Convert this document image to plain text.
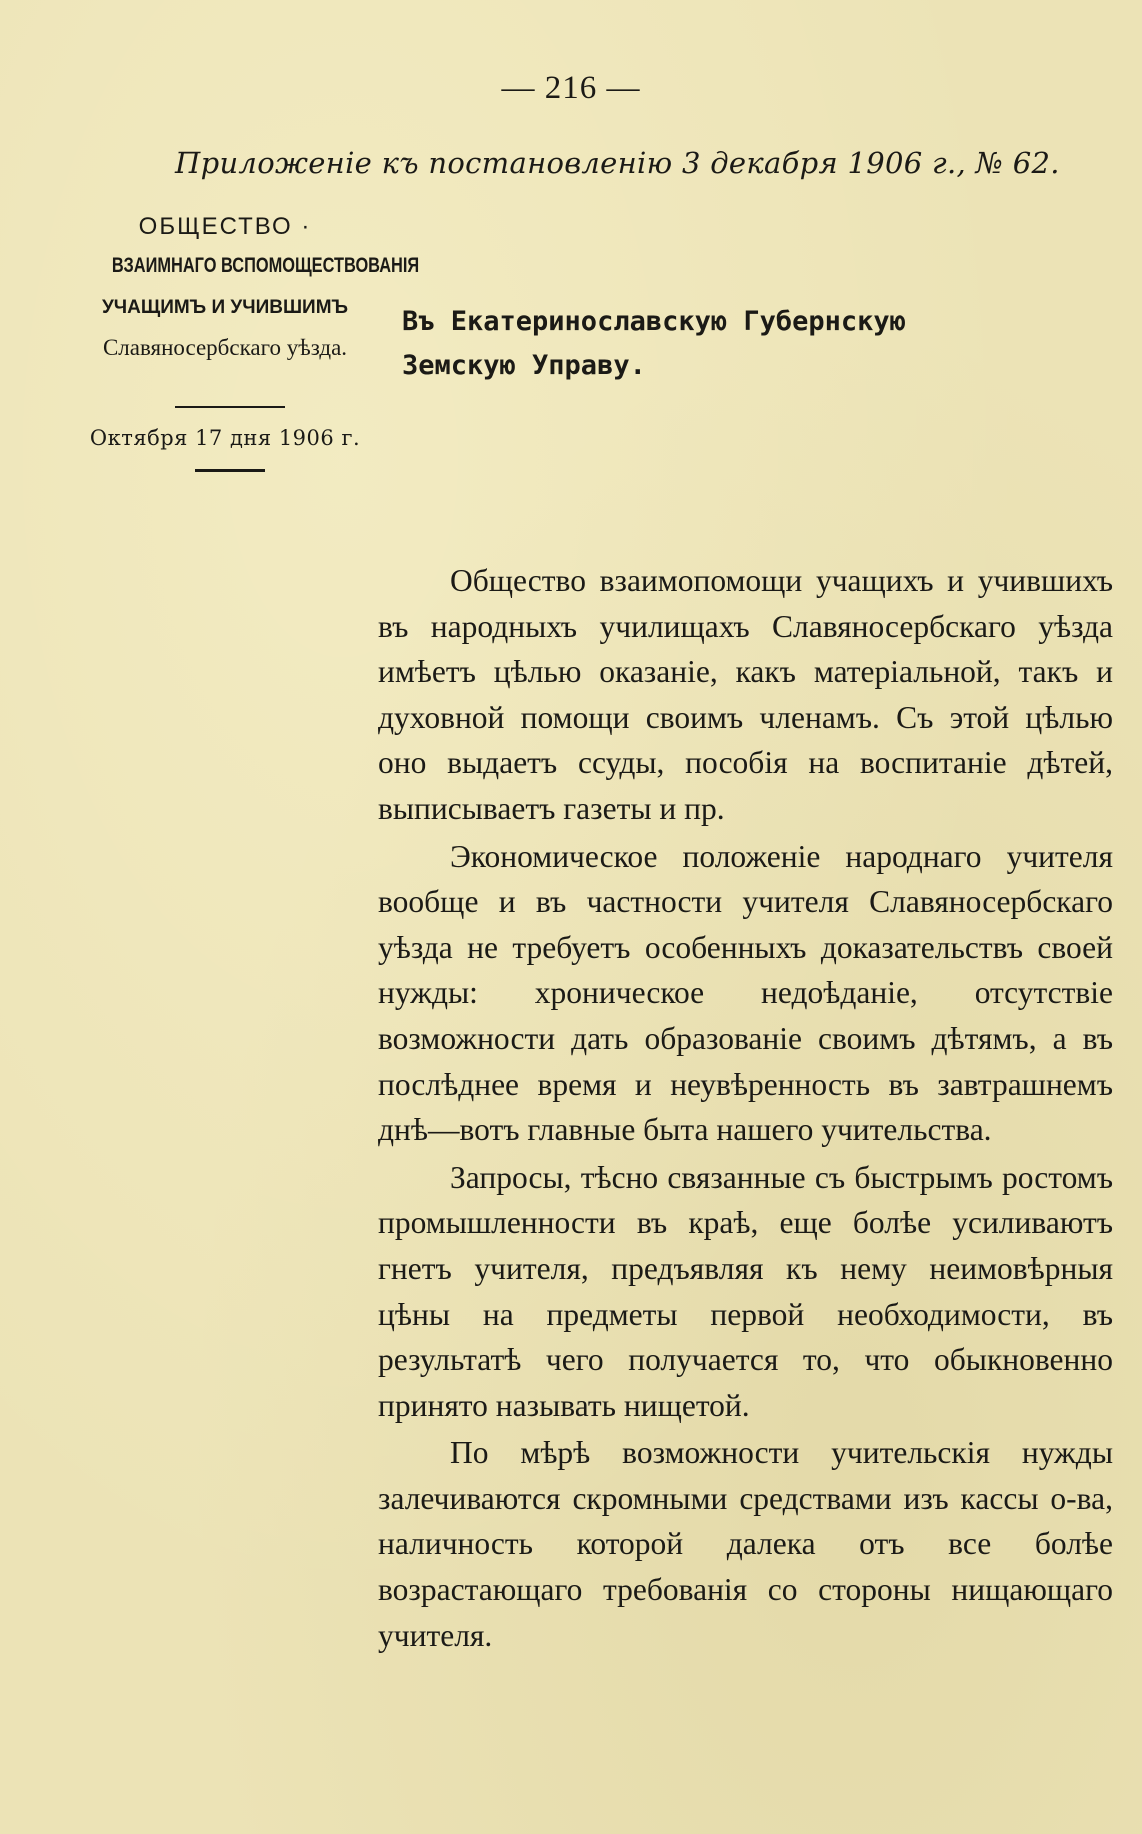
— 216 —
Приложенiе къ постановленiю 3 декабря 1906 г., № 62.
ОБЩЕСТВО ·
ВЗАИМНАГО ВСПОМОЩЕСТВОВАНIЯ
УЧАЩИМЪ И УЧИВШИМЪ
Славяносербскаго уѣзда.
Октября 17 дня 1906 г.
Въ Екатеринославскую Губернскую
Земскую Управу.

Общество взаимопомощи учащихъ и учившихъ въ народныхъ училищахъ Славяносербскаго уѣзда имѣетъ цѣлью оказанiе, какъ матерiальной, такъ и духовной помощи своимъ членамъ. Съ этой цѣлью оно выдаетъ ссуды, пособiя на воспитанiе дѣтей, выписываетъ газеты и пр.

Экономическое положенiе народнаго учителя вообще и въ частности учителя Славяносербскаго уѣзда не требуетъ особенныхъ доказательствъ своей нужды: хроническое недоѣданiе, отсутствiе возможности дать образованiе своимъ дѣтямъ, а въ послѣднее время и неувѣренность въ завтрашнемъ днѣ—вотъ главные быта нашего учительства.

Запросы, тѣсно связанные съ быстрымъ ростомъ промышленности въ краѣ, еще болѣе усиливаютъ гнетъ учителя, предъявляя къ нему неимовѣрныя цѣны на предметы первой необходимости, въ результатѣ чего получается то, что обыкновенно принято называть нищетой.

По мѣрѣ возможности учительскiя нужды залечиваются скромными средствами изъ кассы о-ва, наличность которой далека отъ все болѣе возрастающаго требованiя со стороны нищающаго учителя.
